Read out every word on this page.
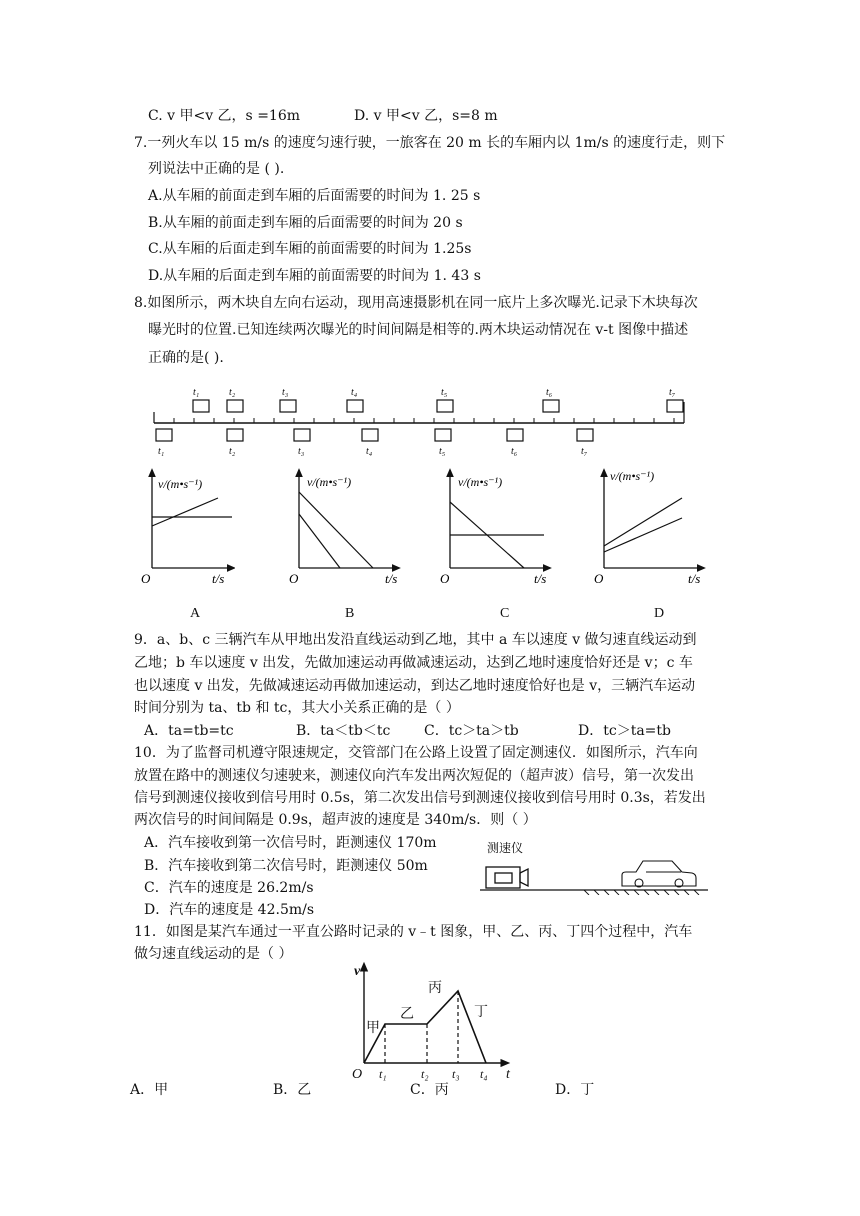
C. v 甲<v 乙，s =16m	D. v 甲<v 乙，s=8 m
7.一列火车以 15 m/s 的速度匀速行驶，一旅客在 20 m 长的车厢内以 1m/s 的速度行走，则下
列说法中正确的是 ( ).
A.从车厢的前面走到车厢的后面需要的时间为 1. 25 s
B.从车厢的前面走到车厢的后面需要的时间为 20 s
C.从车厢的后面走到车厢的前面需要的时间为 1.25s
D.从车厢的后面走到车厢的前面需要的时间为 1. 43 s
8.如图所示，两木块自左向右运动，现用高速摄影机在同一底片上多次曝光.记录下木块每次
曝光时的位置.已知连续两次曝光的时间间隔是相等的.两木块运动情况在 v-t 图像中描述
正确的是( ).
t₁	t₂	t₃	t₄	t₅	t₆	t₇
t₁	t₂	t₃	t₄	t₅	t₆	t₇
v/(m•s⁻¹)
O	t/s
v/(m•s⁻¹)
O	t/s
v/(m•s⁻¹)
O	t/s
v/(m•s⁻¹)
O	t/s
A	B	C	D
9．a、b、c 三辆汽车从甲地出发沿直线运动到乙地，其中 a 车以速度 v 做匀速直线运动到
乙地；b 车以速度 v 出发，先做加速运动再做减速运动，达到乙地时速度恰好还是 v；c 车
也以速度 v 出发，先做减速运动再做加速运动，到达乙地时速度恰好也是 v，三辆汽车运动
时间分别为 ta、tb 和 tc，其大小关系正确的是（ ）
A．ta=tb=tc	B．ta＜tb＜tc C．tc＞ta＞tb	D．tc＞ta=tb
10．为了监督司机遵守限速规定，交管部门在公路上设置了固定测速仪．如图所示，汽车向
放置在路中的测速仪匀速驶来，测速仪向汽车发出两次短促的（超声波）信号，第一次发出
信号到测速仪接收到信号用时 0.5s，第二次发出信号到测速仪接收到信号用时 0.3s，若发出
两次信号的时间间隔是 0.9s，超声波的速度是 340m/s．则（ ）
A．汽车接收到第一次信号时，距测速仪 170m
B．汽车接收到第二次信号时，距测速仪 50m
C．汽车的速度是 26.2m/s
D．汽车的速度是 42.5m/s
测速仪
11．如图是某汽车通过一平直公路时记录的 v﹣t 图象，甲、乙、丙、丁四个过程中，汽车
做匀速直线运动的是（ ）
v
t
O
甲
乙
丙
丁
t₁	t₂ t₃ t₄
A．甲	B．乙	C．丙	D．丁
